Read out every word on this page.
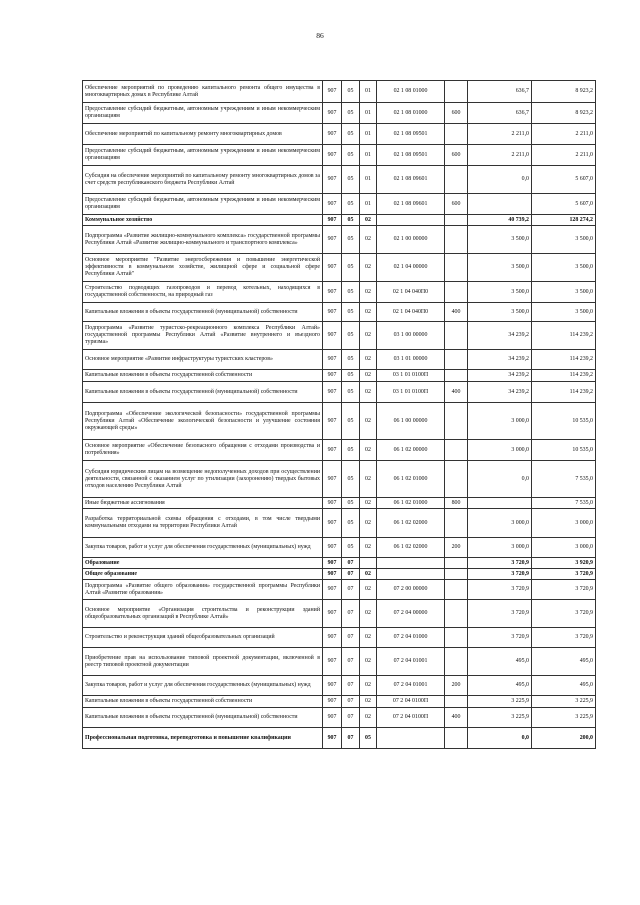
86
Обеспечение мероприятий по проведению капитального ремонта общего имущества в многоквартирных домах в Республике Алтай	907	05	01	02 1 08 01000		636,7	8 923,2
Предоставление субсидий бюджетным, автономным учреждениям и иным некоммерческим организациям	907	05	01	02 1 08 01000	600	636,7	8 923,2
Обеспечение мероприятий по капитальному ремонту многоквартирных домов	907	05	01	02 1 08 09501		2 211,0	2 211,0
Предоставление субсидий бюджетным, автономным учреждениям и иным некоммерческим организациям	907	05	01	02 1 08 09501	600	2 211,0	2 211,0
Субсидия на обеспечение мероприятий по капитальному ремонту многоквартирных домов за счет средств республиканского бюджета Республики Алтай	907	05	01	02 1 08 09601		0,0	5 607,0
Предоставление субсидий бюджетным, автономным учреждениям и иным некоммерческим организациям	907	05	01	02 1 08 09601	600		5 607,0
Коммунальное хозяйство	907	05	02			40 739,2	128 274,2
Подпрограмма «Развитие жилищно-коммунального комплекса» государственной программы Республики Алтай «Развитие жилищно-коммунального и транспортного комплекса»	907	05	02	02 1 00 00000		3 500,0	3 500,0
Основное мероприятие "Развитие энергосбережения и повышение энергетической эффективности в коммунальном хозяйстве, жилищной сфере и социальной сфере Республики Алтай"	907	05	02	02 1 04 00000		3 500,0	3 500,0
Строительство подводящих газопроводов и перевод котельных, находящихся в государственной собственности, на природный газ	907	05	02	02 1 04 040П0		3 500,0	3 500,0
Капитальные вложения в объекты государственной (муниципальной) собственности	907	05	02	02 1 04 040П0	400	3 500,0	3 500,0
Подпрограмма «Развитие туристско-рекреационного комплекса Республики Алтай» государственной программы Республики Алтай «Развитие внутреннего и въездного туризма»	907	05	02	03 1 00 00000		34 239,2	114 239,2
Основное мероприятие «Развитие инфраструктуры туристских кластеров»	907	05	02	03 1 01 00000		34 239,2	114 239,2
Капитальные вложения в объекты государственной собственности	907	05	02	03 1 01 0100П		34 239,2	114 239,2
Капитальные вложения в объекты государственной (муниципальной) собственности	907	05	02	03 1 01 0100П	400	34 239,2	114 239,2
Подпрограмма «Обеспечение экологической безопасности» государственной программы Республики Алтай «Обеспечение экологической безопасности и улучшение состояния окружающей среды»	907	05	02	06 1 00 00000		3 000,0	10 535,0
Основное мероприятие «Обеспечение безопасного обращения с отходами производства и потребления»	907	05	02	06 1 02 00000		3 000,0	10 535,0
Субсидия юридическим лицам на возмещение недополученных доходов при осуществлении деятельности, связанной с оказанием услуг по утилизации (захоронению) твердых бытовых отходов населению Республики Алтай	907	05	02	06 1 02 01000		0,0	7 535,0
Иные бюджетные ассигнования	907	05	02	06 1 02 01000	800		7 535,0
Разработка территориальной схемы обращения с отходами, в том числе твердыми коммунальными отходами на территории Республики Алтай	907	05	02	06 1 02 02000		3 000,0	3 000,0
Закупка товаров, работ и услуг для обеспечения государственных (муниципальных) нужд	907	05	02	06 1 02 02000	200	3 000,0	3 000,0
Образование	907	07				3 720,9	3 920,9
Общее образование	907	07	02			3 720,9	3 720,9
Подпрограмма «Развитие общего образования» государственной программы Республики Алтай «Развитие образования»	907	07	02	07 2 00 00000		3 720,9	3 720,9
Основное мероприятие «Организация строительства и реконструкции зданий общеобразовательных организаций в Республике Алтай»	907	07	02	07 2 04 00000		3 720,9	3 720,9
Строительство и реконструкция зданий общеобразовательных организаций	907	07	02	07 2 04 01000		3 720,9	3 720,9
Приобретение прав на использование типовой проектной документации, включенной в реестр типовой проектной документации	907	07	02	07 2 04 01001		495,0	495,0
Закупка товаров, работ и услуг для обеспечения государственных (муниципальных) нужд	907	07	02	07 2 04 01001	200	495,0	495,0
Капитальные вложения в объекты государственной собственности	907	07	02	07 2 04 0100П		3 225,9	3 225,9
Капитальные вложения в объекты государственной (муниципальной) собственности	907	07	02	07 2 04 0100П	400	3 225,9	3 225,9
Профессиональная подготовка, переподготовка и повышение квалификации	907	07	05			0,0	200,0
